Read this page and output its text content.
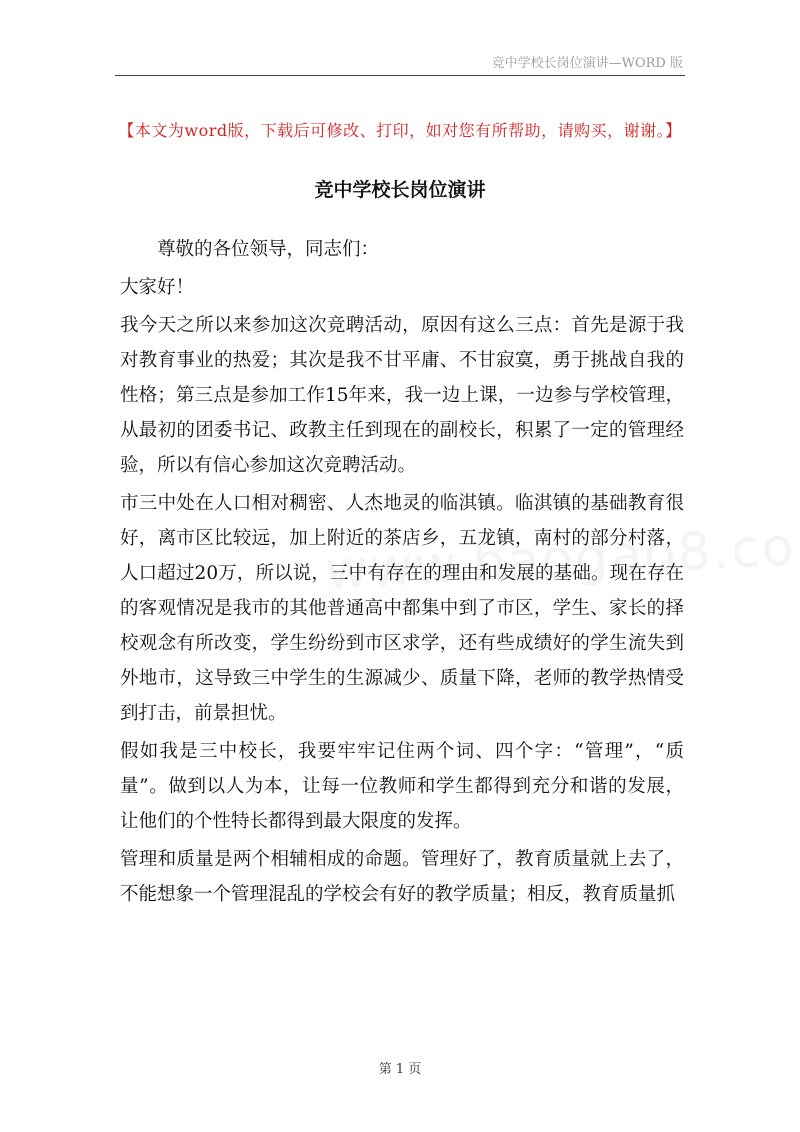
竞中学校长岗位演讲—WORD 版
【本文为word版，下载后可修改、打印，如对您有所帮助，请购买，谢谢。】
竞中学校长岗位演讲

尊敬的各位领导，同志们：

大家好！

我今天之所以来参加这次竞聘活动，原因有这么三点：首先是源于我对教育事业的热爱；其次是我不甘平庸、不甘寂寞，勇于挑战自我的性格；第三点是参加工作15年来，我一边上课，一边参与学校管理，从最初的团委书记、政教主任到现在的副校长，积累了一定的管理经验，所以有信心参加这次竞聘活动。

市三中处在人口相对稠密、人杰地灵的临淇镇。临淇镇的基础教育很好，离市区比较远，加上附近的茶店乡，五龙镇，南村的部分村落，人口超过20万，所以说，三中有存在的理由和发展的基础。现在存在的客观情况是我市的其他普通高中都集中到了市区，学生、家长的择校观念有所改变，学生纷纷到市区求学，还有些成绩好的学生流失到外地市，这导致三中学生的生源减少、质量下降，老师的教学热情受到打击，前景担忧。

假如我是三中校长，我要牢牢记住两个词、四个字：“管理”，“质量”。做到以人为本，让每一位教师和学生都得到充分和谐的发展，让他们的个性特长都得到最大限度的发挥。

管理和质量是两个相辅相成的命题。管理好了，教育质量就上去了，不能想象一个管理混乱的学校会有好的教学质量；相反，教育质量抓

第 1 页
